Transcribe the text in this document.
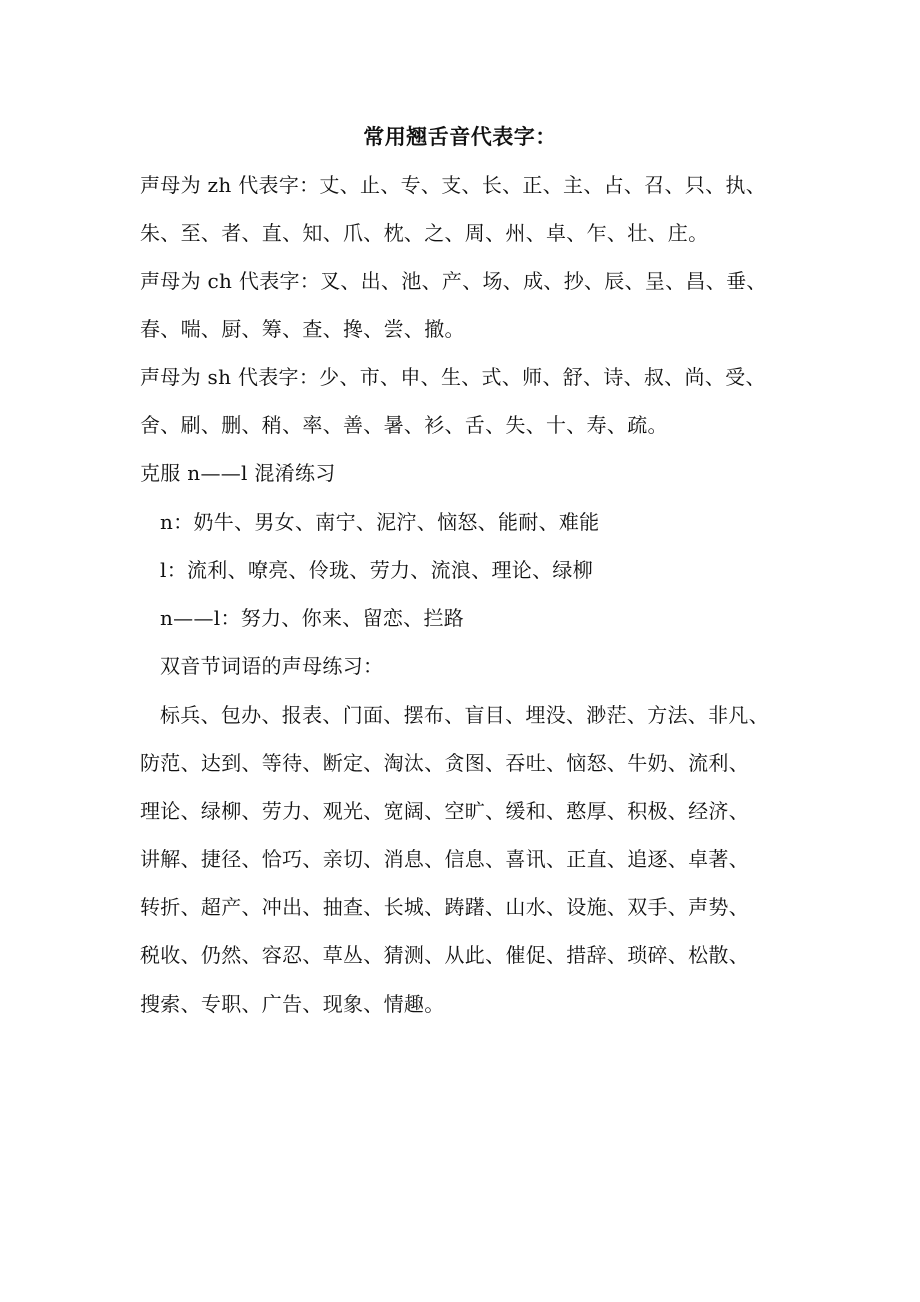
常用翘舌音代表字：
声母为 zh 代表字：丈、止、专、支、长、正、主、占、召、只、执、
朱、至、者、直、知、爪、枕、之、周、州、卓、乍、壮、庄。
声母为 ch 代表字：叉、出、池、产、场、成、抄、辰、呈、昌、垂、
春、喘、厨、筹、查、搀、尝、撤。
声母为 sh 代表字：少、市、申、生、式、师、舒、诗、叔、尚、受、
舍、刷、删、稍、率、善、暑、衫、舌、失、十、寿、疏。
克服 n——l 混淆练习
n：奶牛、男女、南宁、泥泞、恼怒、能耐、难能
l：流利、嘹亮、伶珑、劳力、流浪、理论、绿柳
n——l：努力、你来、留恋、拦路
双音节词语的声母练习：
标兵、包办、报表、门面、摆布、盲目、埋没、渺茫、方法、非凡、
防范、达到、等待、断定、淘汰、贪图、吞吐、恼怒、牛奶、流利、
理论、绿柳、劳力、观光、宽阔、空旷、缓和、憨厚、积极、经济、
讲解、捷径、恰巧、亲切、消息、信息、喜讯、正直、追逐、卓著、
转折、超产、冲出、抽查、长城、踌躇、山水、设施、双手、声势、
税收、仍然、容忍、草丛、猜测、从此、催促、措辞、琐碎、松散、
搜索、专职、广告、现象、情趣。
